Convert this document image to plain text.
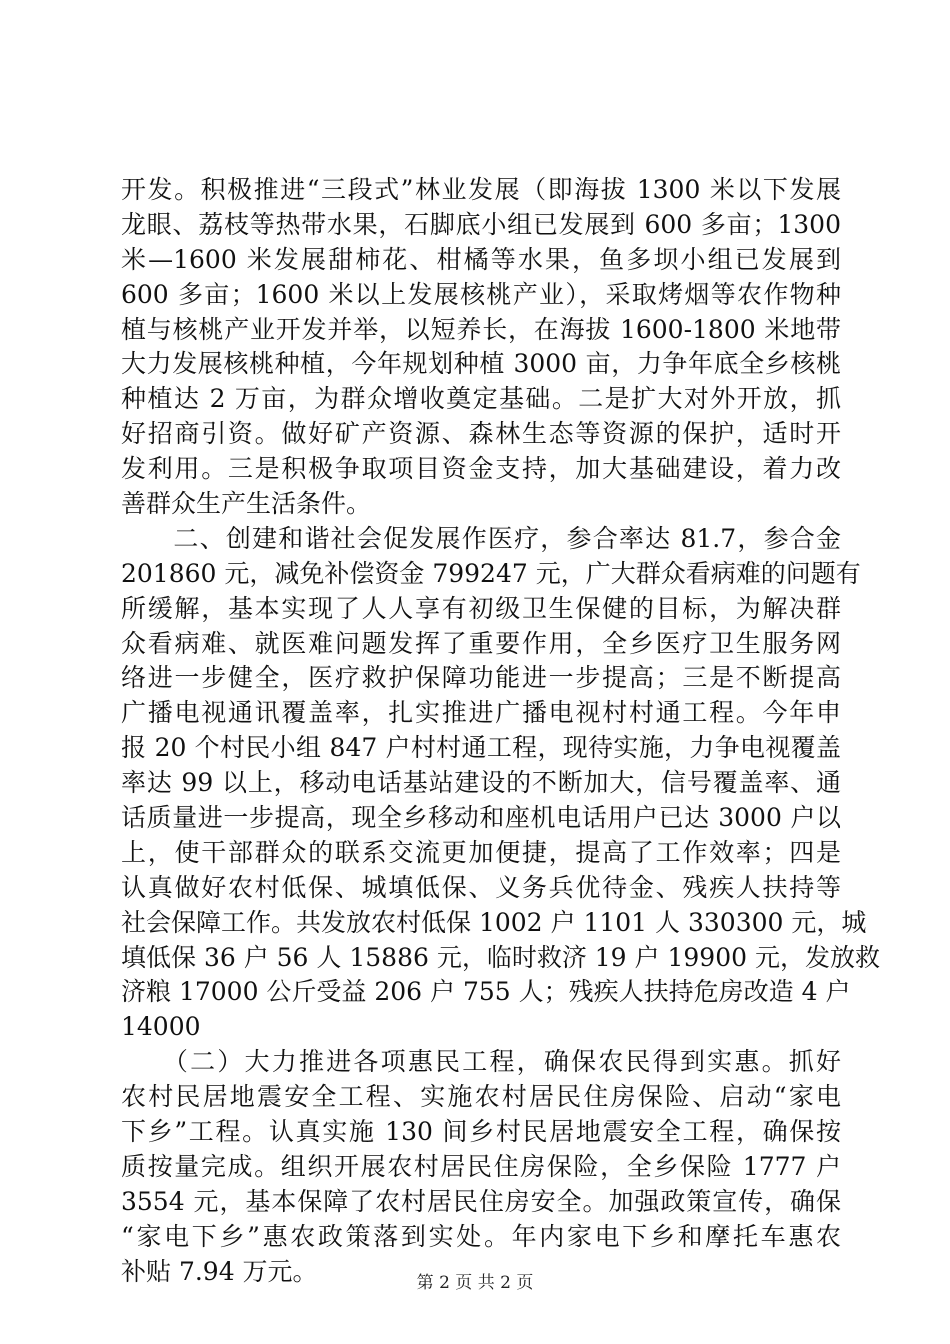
开发。积极推进“三段式”林业发展（即海拔 1300 米以下发展
龙眼、荔枝等热带水果，石脚底小组已发展到 600 多亩；1300
米—1600 米发展甜柿花、柑橘等水果，鱼多坝小组已发展到
600 多亩；1600 米以上发展核桃产业），采取烤烟等农作物种
植与核桃产业开发并举，以短养长，在海拔 1600-1800 米地带
大力发展核桃种植，今年规划种植 3000 亩，力争年底全乡核桃
种植达 2 万亩，为群众增收奠定基础。二是扩大对外开放，抓
好招商引资。做好矿产资源、森林生态等资源的保护，适时开
发利用。三是积极争取项目资金支持，加大基础建设，着力改
善群众生产生活条件。
　　二、创建和谐社会促发展作医疗，参合率达 81.7，参合金
201860 元，减免补偿资金 799247 元，广大群众看病难的问题有
所缓解，基本实现了人人享有初级卫生保健的目标，为解决群
众看病难、就医难问题发挥了重要作用，全乡医疗卫生服务网
络进一步健全，医疗救护保障功能进一步提高；三是不断提高
广播电视通讯覆盖率，扎实推进广播电视村村通工程。今年申
报 20 个村民小组 847 户村村通工程，现待实施，力争电视覆盖
率达 99 以上，移动电话基站建设的不断加大，信号覆盖率、通
话质量进一步提高，现全乡移动和座机电话用户已达 3000 户以
上，使干部群众的联系交流更加便捷，提高了工作效率；四是
认真做好农村低保、城填低保、义务兵优待金、残疾人扶持等
社会保障工作。共发放农村低保 1002 户 1101 人 330300 元，城
填低保 36 户 56 人 15886 元，临时救济 19 户 19900 元，发放救
济粮 17000 公斤受益 206 户 755 人；残疾人扶持危房改造 4 户
14000
　　（二）大力推进各项惠民工程，确保农民得到实惠。抓好
农村民居地震安全工程、实施农村居民住房保险、启动“家电
下乡”工程。认真实施 130 间乡村民居地震安全工程，确保按
质按量完成。组织开展农村居民住房保险，全乡保险 1777 户
3554 元，基本保障了农村居民住房安全。加强政策宣传，确保
“家电下乡”惠农政策落到实处。年内家电下乡和摩托车惠农
补贴 7.94 万元。	第 2 页 共 2 页
